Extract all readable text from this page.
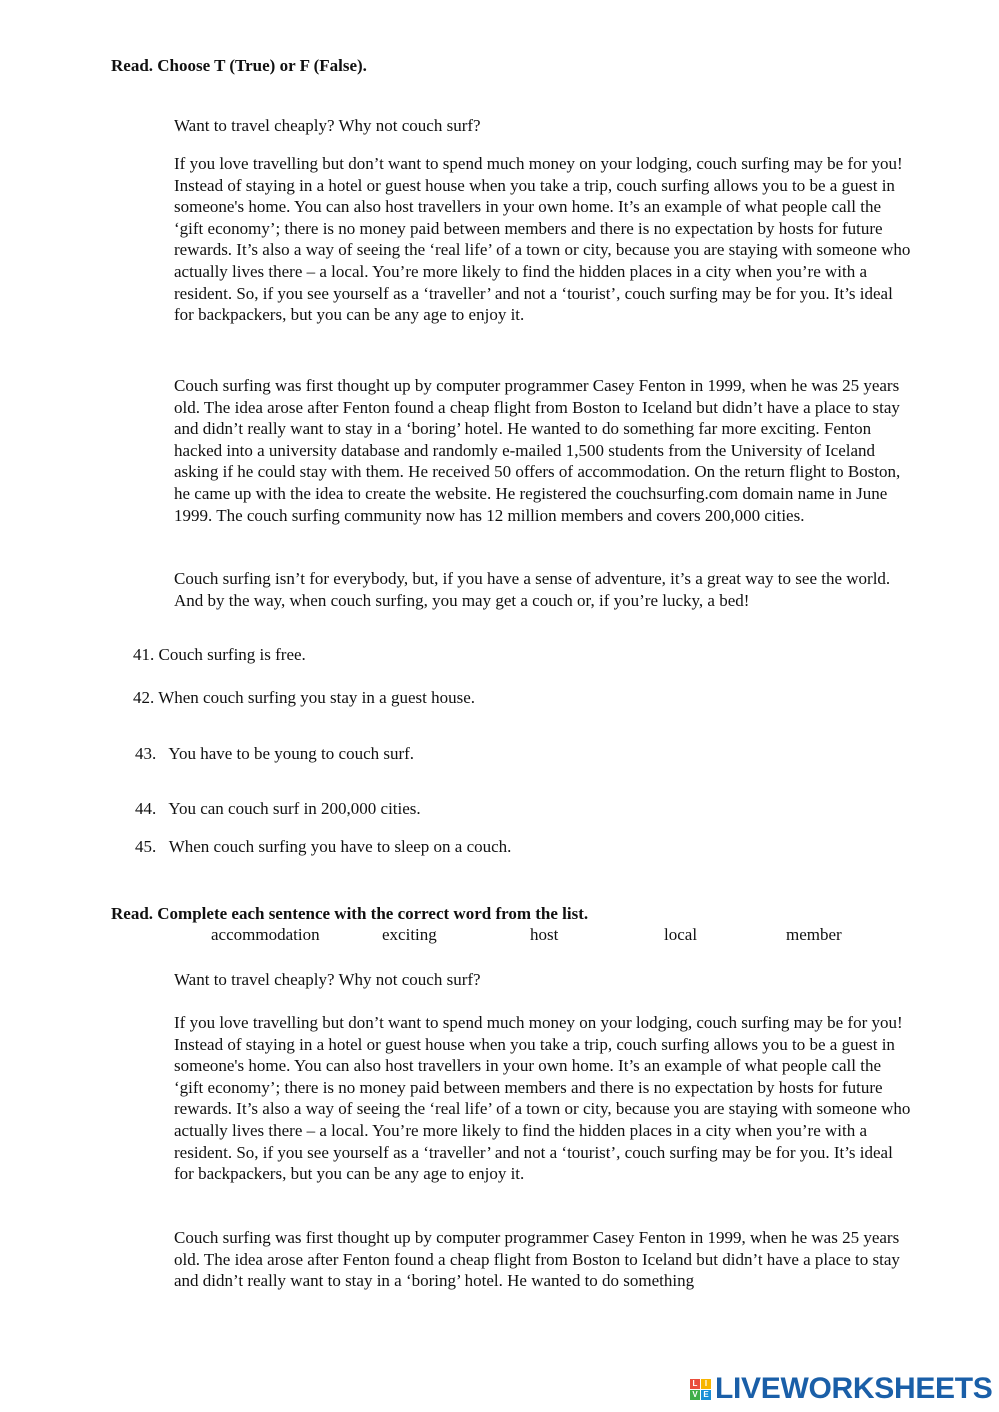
Read. Choose T (True) or F (False).

Want to travel cheaply? Why not couch surf?

If you love travelling but don’t want to spend much money on your lodging, couch surfing may be for you! Instead of staying in a hotel or guest house when you take a trip, couch surfing allows you to be a guest in someone's home. You can also host travellers in your own home. It’s an example of what people call the ‘gift economy’; there is no money paid between members and there is no expectation by hosts for future rewards. It’s also a way of seeing the ‘real life’ of a town or city, because you are staying with someone who actually lives there – a local. You’re more likely to find the hidden places in a city when you’re with a resident. So, if you see yourself as a ‘traveller’ and not a ‘tourist’, couch surfing may be for you. It’s ideal for backpackers, but you can be any age to enjoy it.

Couch surfing was first thought up by computer programmer Casey Fenton in 1999, when he was 25 years old. The idea arose after Fenton found a cheap flight from Boston to Iceland but didn’t have a place to stay and didn’t really want to stay in a ‘boring’ hotel. He wanted to do something far more exciting. Fenton hacked into a university database and randomly e-mailed 1,500 students from the University of Iceland asking if he could stay with them. He received 50 offers of accommodation. On the return flight to Boston, he came up with the idea to create the website. He registered the couchsurfing.com domain name in June 1999. The couch surfing community now has 12 million members and covers 200,000 cities.

Couch surfing isn’t for everybody, but, if you have a sense of adventure, it’s a great way to see the world. And by the way, when couch surfing, you may get a couch or, if you’re lucky, a bed!

41. Couch surfing is free.

42. When couch surfing you stay in a guest house.

43.   You have to be young to couch surf.

44.   You can couch surf in 200,000 cities.

45.   When couch surfing you have to sleep on a couch.

Read. Complete each sentence with the correct word from the list.

accommodation	exciting	host	local	member

Want to travel cheaply? Why not couch surf?

If you love travelling but don’t want to spend much money on your lodging, couch surfing may be for you! Instead of staying in a hotel or guest house when you take a trip, couch surfing allows you to be a guest in someone's home. You can also host travellers in your own home. It’s an example of what people call the ‘gift economy’; there is no money paid between members and there is no expectation by hosts for future rewards. It’s also a way of seeing the ‘real life’ of a town or city, because you are staying with someone who actually lives there – a local. You’re more likely to find the hidden places in a city when you’re with a resident. So, if you see yourself as a ‘traveller’ and not a ‘tourist’, couch surfing may be for you. It’s ideal for backpackers, but you can be any age to enjoy it.

Couch surfing was first thought up by computer programmer Casey Fenton in 1999, when he was 25 years old. The idea arose after Fenton found a cheap flight from Boston to Iceland but didn’t have a place to stay and didn’t really want to stay in a ‘boring’ hotel. He wanted to do something

L I
V E LIVEWORKSHEETS
